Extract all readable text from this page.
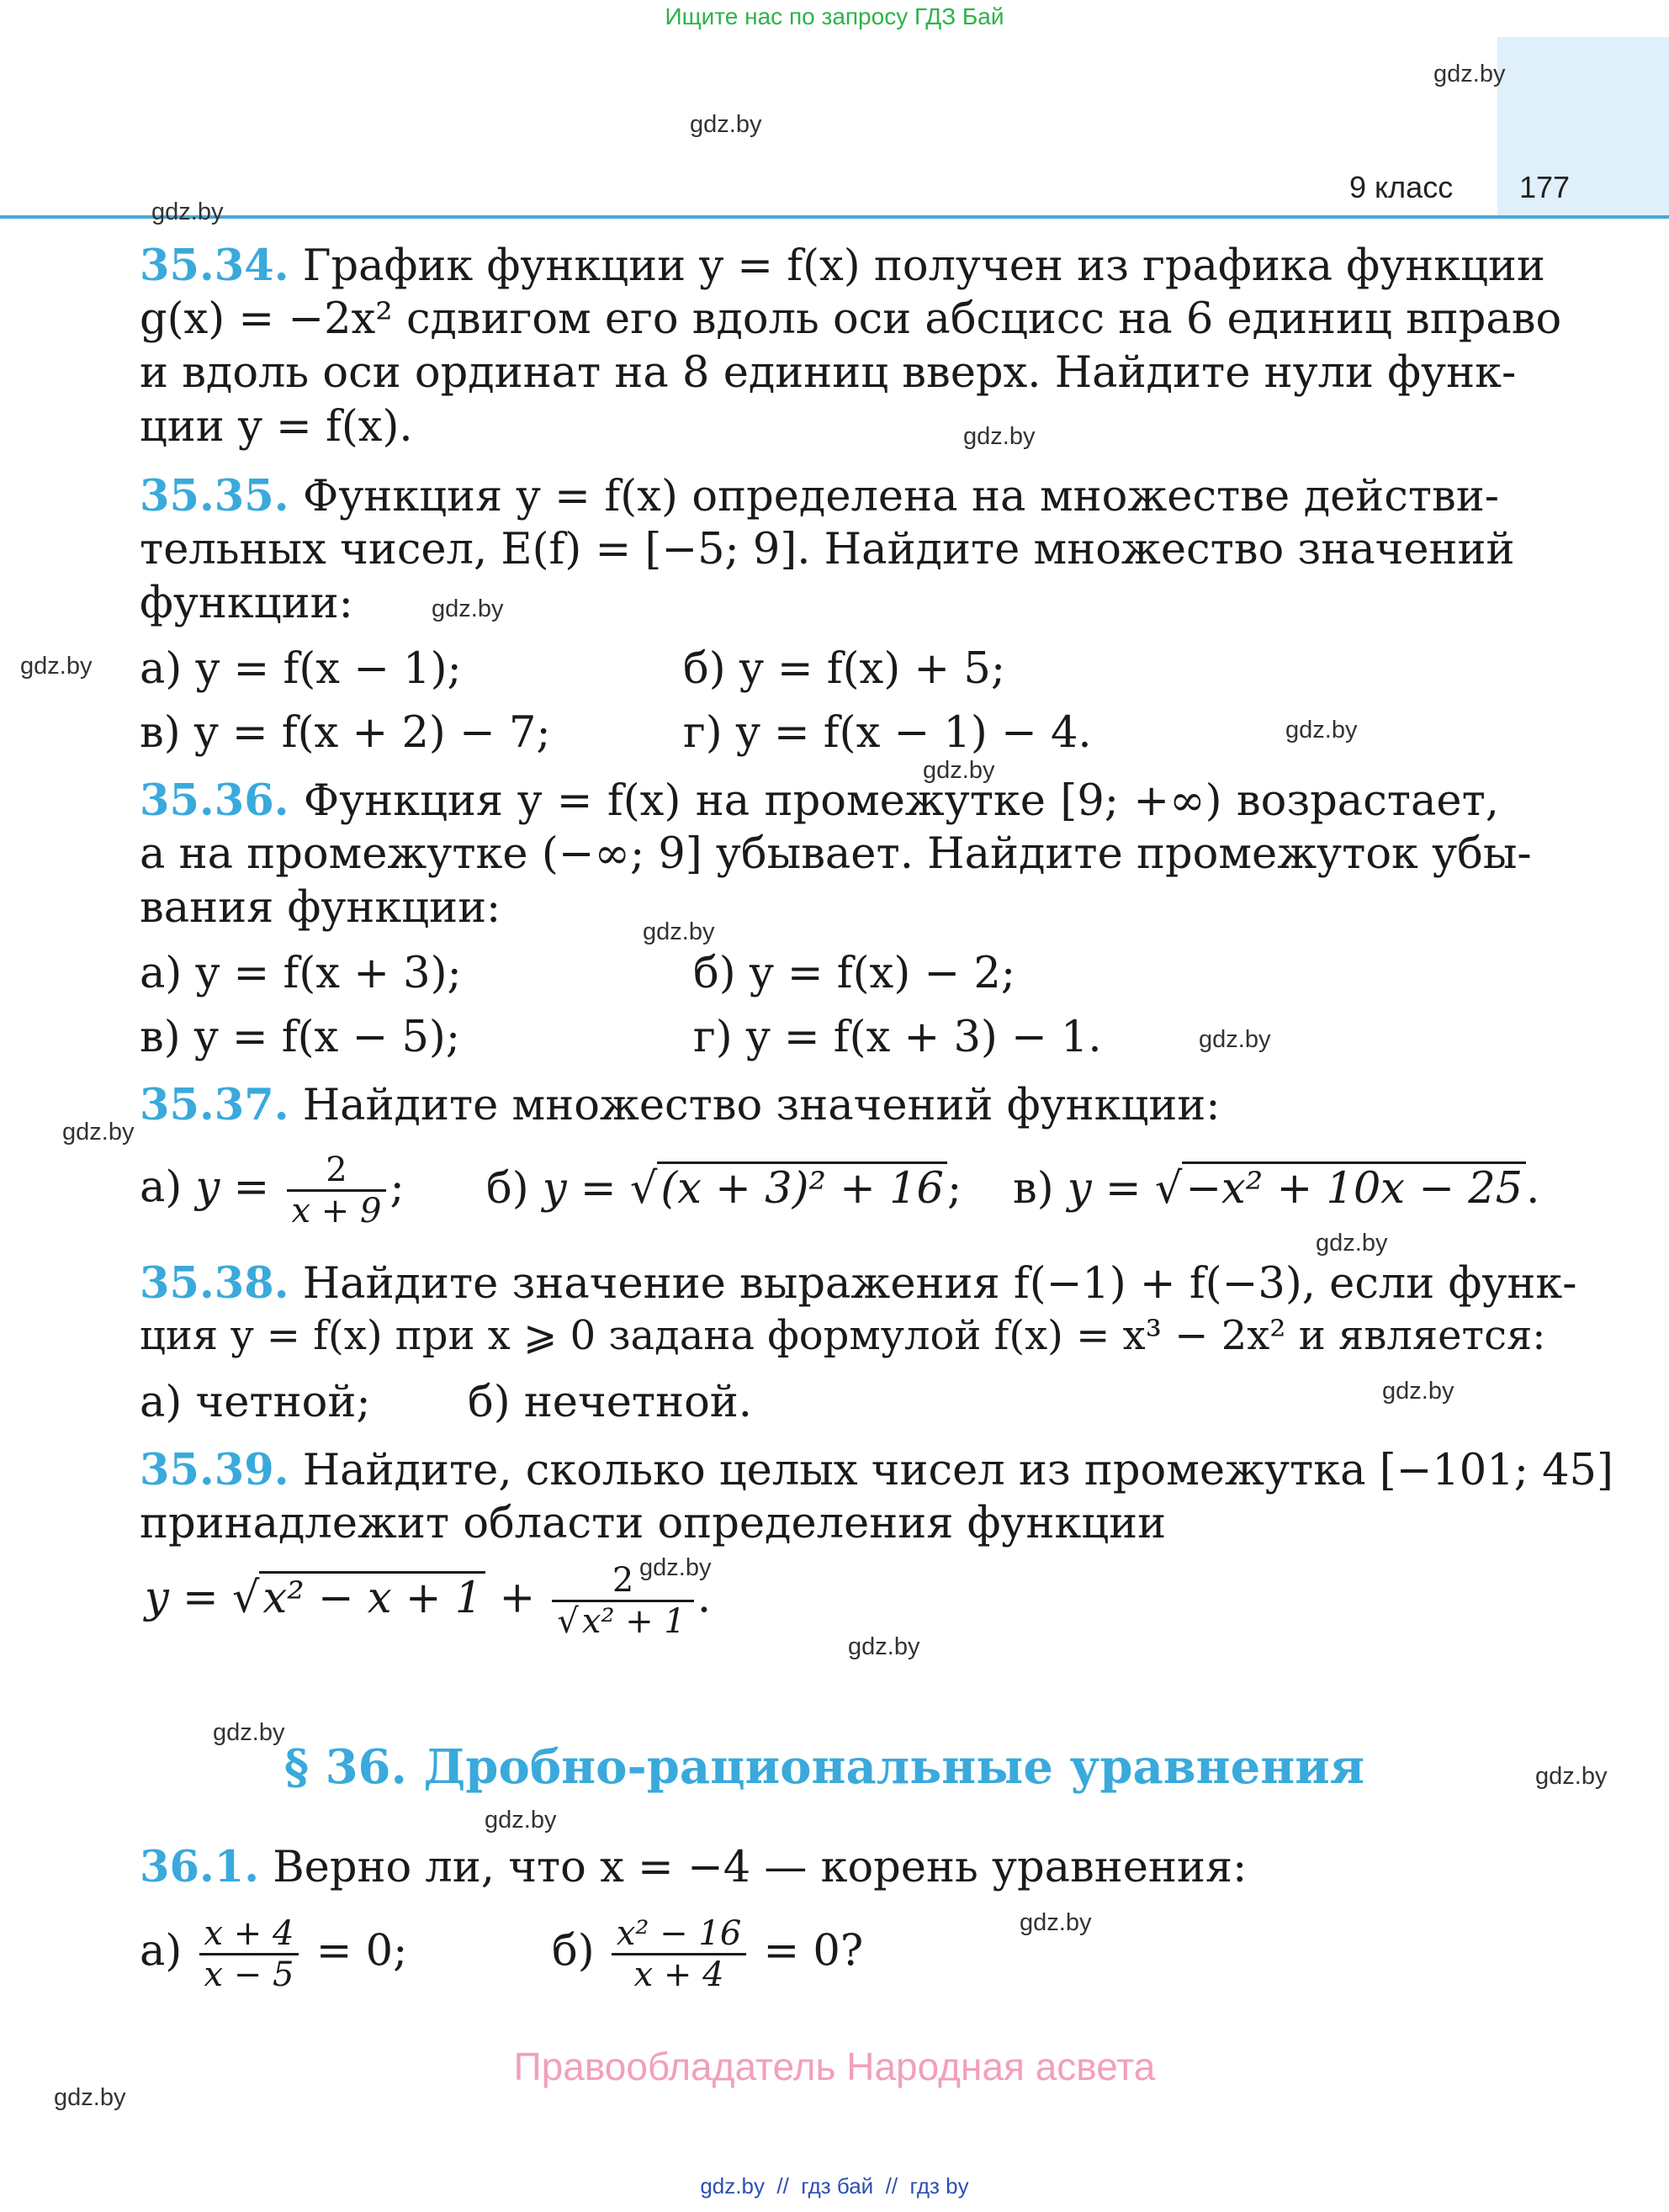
Ищите нас по запросу ГДЗ Бай
9 класс 177
gdz.by
gdz.by
gdz.by
gdz.by
gdz.by
gdz.by
gdz.by
gdz.by
gdz.by
gdz.by
gdz.by
gdz.by
gdz.by
gdz.by
gdz.by
gdz.by
gdz.by
gdz.by
gdz.by
gdz.by
35.34. График функции y = f(x) получен из графика функции
g(x) = −2x² сдвигом его вдоль оси абсцисс на 6 единиц вправо
и вдоль оси ординат на 8 единиц вверх. Найдите нули функ-
ции y = f(x).
35.35. Функция y = f(x) определена на множестве действи-
тельных чисел, E(f) = [−5; 9]. Найдите множество значений
функции:
а) y = f(x − 1);	б) y = f(x) + 5;
в) y = f(x + 2) − 7;	г) y = f(x − 1) − 4.
35.36. Функция y = f(x) на промежутке [9; +∞) возрастает,
а на промежутке (−∞; 9] убывает. Найдите промежуток убы-
вания функции:
а) y = f(x + 3);	б) y = f(x) − 2;
в) y = f(x − 5);	г) y = f(x + 3) − 1.
35.37. Найдите множество значений функции:
а) $y = \frac{2}{x + 9}$ ; б) y = √(x + 3)² + 16; в) y = √−x² + 10x − 25.
35.38. Найдите значение выражения f(−1) + f(−3), если функ-
ция y = f(x) при x ⩾ 0 задана формулой f(x) = x³ − 2x² и является:
а) четной; б) нечетной.
35.39. Найдите, сколько целых чисел из промежутка [−101; 45]
принадлежит области определения функции
$y = √x^2 - x + 1 + \frac{2}{\text{√ x² + 1}}$ .
§ 36. Дробно-рациональные уравнения
36.1. Верно ли, что x = −4 — корень уравнения:
$а) \frac{x + 4}{x - 5} = 0$;	$б) \frac{\text{x² − 16}}{x + 4} = 0$?
Правообладатель Народная асвета
gdz.by  //  гдз бай  //  гдз by
